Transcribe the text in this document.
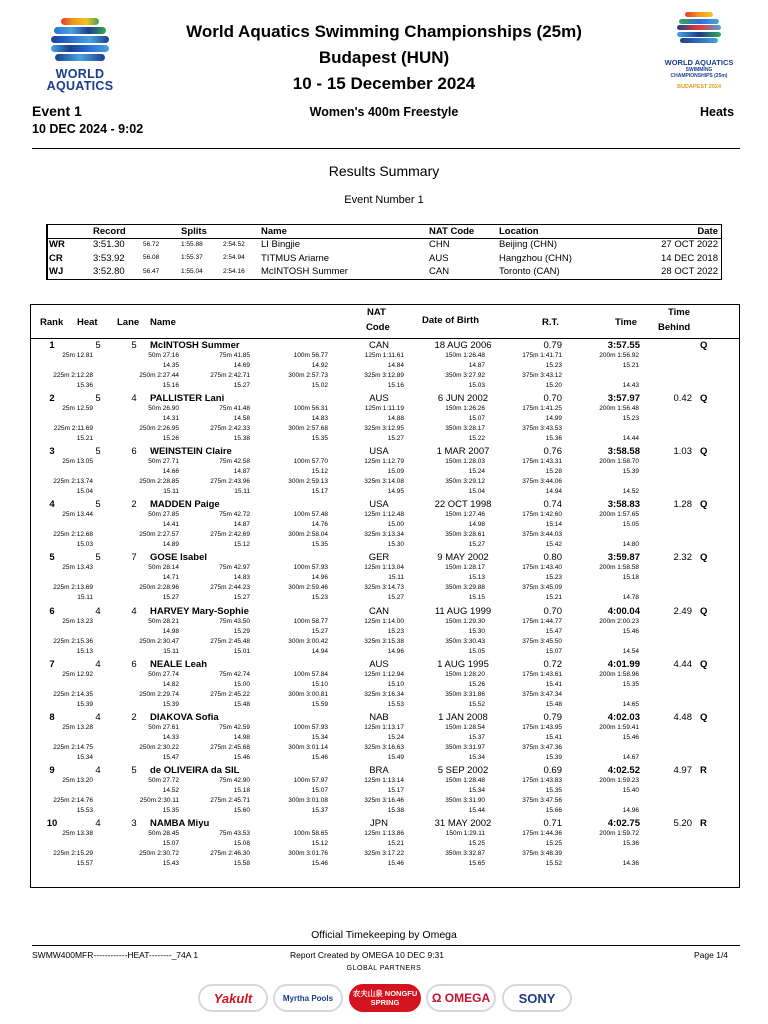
WORLD
AQUATICS
World Aquatics Swimming Championships (25m)
Budapest (HUN)
10 - 15 December 2024
WORLD AQUATICS
SWIMMING
CHAMPIONSHIPS (25m)
BUDAPEST 2024
Event 1
10 DEC 2024 - 9:02
Women's 400m Freestyle	Heats
Results Summary
Event Number 1
Record	Splits	Name	NAT Code	Location	Date
WR	3:51.30	56.72	1:55.88	2:54.52 LI Bingjie	CHN	Beijing (CHN)	27 OCT 2022
CR	3:53.92	56.08	1:55.37	2:54.94 TITMUS Ariarne	AUS	Hangzhou (CHN)	14 DEC 2018
WJ	3:52.80	56.47	1:55.04	2:54.16 McINTOSH Summer	CAN	Toronto (CAN)	28 OCT 2022
Rank Heat Lane Name
NAT
Code
Date of Birth	R.T.	Time
Time
Behind
1	5	5	McINTOSH Summer	CAN	18 AUG 2006	0.79	3:57.55	Q
25m 12.81	50m 27.16	75m 41.85	100m 56.77	125m 1:11.61	150m 1:26.48	175m 1:41.71	200m 1:56.92
14.35	14.69	14.92	14.84	14.87	15.23	15.21
225m 2:12.28	250m 2:27.44	275m 2:42.71	300m 2:57.73	325m 3:12.89	350m 3:27.92	375m 3:43.12
15.36	15.16	15.27	15.02	15.16	15.03	15.20	14.43
2	5	4	PALLISTER Lani	AUS	6 JUN 2002	0.70	3:57.97	0.42 Q
25m 12.59	50m 26.90	75m 41.48	100m 56.31	125m 1:11.19	150m 1:26.26	175m 1:41.25	200m 1:56.48
14.31	14.58	14.83	14.88	15.07	14.99	15.23
225m 2:11.69	250m 2:26.95	275m 2:42.33	300m 2:57.68	325m 3:12.95	350m 3:28.17	375m 3:43.53
15.21	15.26	15.38	15.35	15.27	15.22	15.36	14.44
3	5	6	WEINSTEIN Claire	USA	1 MAR 2007	0.76	3:58.58	1.03 Q
25m 13.05	50m 27.71	75m 42.58	100m 57.70	125m 1:12.79	150m 1:28.03	175m 1:43.31	200m 1:58.70
14.66	14.87	15.12	15.09	15.24	15.28	15.39
225m 2:13.74	250m 2:28.85	275m 2:43.96	300m 2:59.13	325m 3:14.08	350m 3:29.12	375m 3:44.06
15.04	15.11	15.11	15.17	14.95	15.04	14.94	14.52
4	5	2	MADDEN Paige	USA	22 OCT 1998	0.74	3:58.83	1.28 Q
25m 13.44	50m 27.85	75m 42.72	100m 57.48	125m 1:12.48	150m 1:27.46	175m 1:42.60	200m 1:57.65
14.41	14.87	14.76	15.00	14.98	15.14	15.05
225m 2:12.68	250m 2:27.57	275m 2:42.69	300m 2:58.04	325m 3:13.34	350m 3:28.61	375m 3:44.03
15.03	14.89	15.12	15.35	15.30	15.27	15.42	14.80
5	5	7	GOSE Isabel	GER	9 MAY 2002	0.80	3:59.87	2.32 Q
25m 13.43	50m 28.14	75m 42.97	100m 57.93	125m 1:13.04	150m 1:28.17	175m 1:43.40	200m 1:58.58
14.71	14.83	14.96	15.11	15.13	15.23	15.18
225m 2:13.69	250m 2:28.96	275m 2:44.23	300m 2:59.46	325m 3:14.73	350m 3:29.88	375m 3:45.09
15.11	15.27	15.27	15.23	15.27	15.15	15.21	14.78
6	4	4	HARVEY Mary-Sophie	CAN	11 AUG 1999	0.70	4:00.04	2.49 Q
25m 13.23	50m 28.21	75m 43.50	100m 58.77	125m 1:14.00	150m 1:29.30	175m 1:44.77	200m 2:00.23
14.98	15.29	15.27	15.23	15.30	15.47	15.46
225m 2:15.36	250m 2:30.47	275m 2:45.48	300m 3:00.42	325m 3:15.38	350m 3:30.43	375m 3:45.50
15.13	15.11	15.01	14.94	14.96	15.05	15.07	14.54
7	4	6	NEALE Leah	AUS	1 AUG 1995	0.72	4:01.99	4.44 Q
25m 12.92	50m 27.74	75m 42.74	100m 57.84	125m 1:12.94	150m 1:28.20	175m 1:43.61	200m 1:58.96
14.82	15.00	15.10	15.10	15.26	15.41	15.35
225m 2:14.35	250m 2:29.74	275m 2:45.22	300m 3:00.81	325m 3:16.34	350m 3:31.86	375m 3:47.34
15.39	15.39	15.48	15.59	15.53	15.52	15.48	14.65
8	4	2	DIAKOVA Sofia	NAB	1 JAN 2008	0.79	4:02.03	4.48 Q
25m 13.28	50m 27.61	75m 42.59	100m 57.93	125m 1:13.17	150m 1:28.54	175m 1:43.95	200m 1:59.41
14.33	14.98	15.34	15.24	15.37	15.41	15.46
225m 2:14.75	250m 2:30.22	275m 2:45.68	300m 3:01.14	325m 3:16.63	350m 3:31.97	375m 3:47.36
15.34	15.47	15.46	15.46	15.49	15.34	15.39	14.67
9	4	5	de OLIVEIRA da SIL	BRA	5 SEP 2002	0.69	4:02.52	4.97 R
25m 13.20	50m 27.72	75m 42.90	100m 57.97	125m 1:13.14	150m 1:28.48	175m 1:43.83	200m 1:59.23
14.52	15.18	15.07	15.17	15.34	15.35	15.40
225m 2:14.76	250m 2:30.11	275m 2:45.71	300m 3:01.08	325m 3:16.46	350m 3:31.90	375m 3:47.56
15.53	15.35	15.60	15.37	15.38	15.44	15.66	14.96
10	4	3	NAMBA Miyu	JPN	31 MAY 2002	0.71	4:02.75	5.20 R
25m 13.38	50m 28.45	75m 43.53	100m 58.65	125m 1:13.86	150m 1:29.11	175m 1:44.36	200m 1:59.72
15.07	15.08	15.12	15.21	15.25	15.25	15.36
225m 2:15.29	250m 2:30.72	275m 2:46.30	300m 3:01.76	325m 3:17.22	350m 3:32.87	375m 3:48.39
15.57	15.43	15.58	15.46	15.46	15.65	15.52	14.36
Official Timekeeping by Omega
SWMW400MFR------------HEAT--------_74A 1	Report Created by OMEGA 10 DEC 9:31	Page 1/4
GLOBAL PARTNERS
Yakult	Myrtha Pools	农夫山泉 NONGFU SPRING	Ω OMEGA SONY
